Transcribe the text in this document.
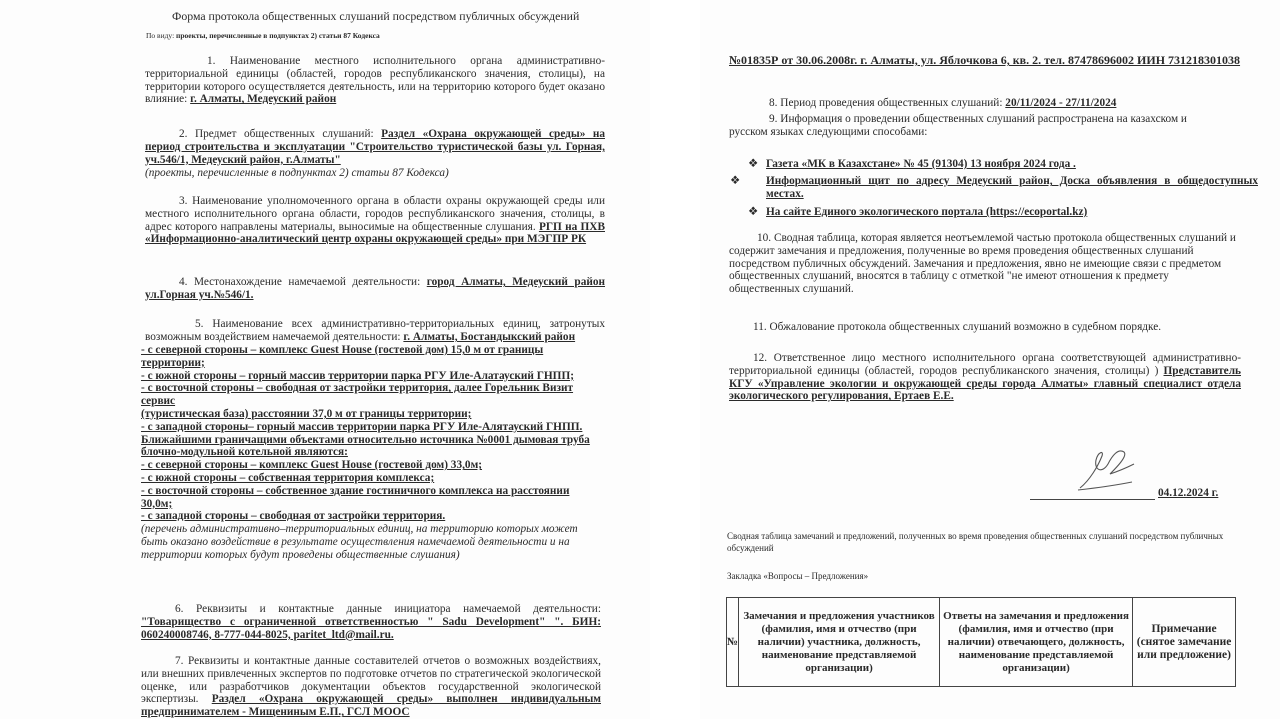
Форма протокола общественных слушаний посредством публичных обсуждений
По виду: проекты, перечисленные в подпунктах 2) статьи 87 Кодекса
1. Наименование местного исполнительного органа административно-территориальной единицы (областей, городов республиканского значения, столицы), на территории которого осуществляется деятельность, или на территорию которого будет оказано влияние: г. Алматы, Медеуский район
2. Предмет общественных слушаний: Раздел «Охрана окружающей среды» на период строительства и эксплуатации "Строительство туристической базы ул. Горная, уч.546/1, Медеуский район, г.Алматы"
(проекты, перечисленные в подпунктах 2) статьи 87 Кодекса)
3. Наименование уполномоченного органа в области охраны окружающей среды или местного исполнительного органа области, городов республиканского значения, столицы, в адрес которого направлены материалы, выносимые на общественные слушания. РГП на ПХВ «Информационно-аналитический центр охраны окружающей среды» при МЭГПР РК
4. Местонахождение намечаемой деятельности: город Алматы, Медеуский район ул.Горная уч.№546/1.
5. Наименование всех административно-территориальных единиц, затронутых возможным воздействием намечаемой деятельности: г. Алматы, Бостандыкский район

- с северной стороны – комплекс Guest House (гостевой дом) 15,0 м от границы территории;

- с южной стороны – горный массив территории парка РГУ Иле-Алатауский ГНПП;

- с восточной стороны – свободная от застройки территория, далее Горельник Визит сервис

(туристическая база) расстоянии 37,0 м от границы территории;

- с западной стороны– горный массив территории парка РГУ Иле-Алятауский ГНПП.

Ближайшими граничащими объектами относительно источника №0001 дымовая труба блочно-модульной котельной являются:

- с северной стороны – комплекс Guest House (гостевой дом) 33,0м;

- с южной стороны – собственная территория комплекса;

- с восточной стороны – собственное здание гостиничного комплекса на расстоянии 30,0м;

- с западной стороны – свободная от застройки территория.

(перечень административно–территориальных единиц, на территорию которых может быть оказано воздействие в результате осуществления намечаемой деятельности и на территории которых будут проведены общественные слушания)

6. Реквизиты и контактные данные инициатора намечаемой деятельности: "Товарищество с ограниченной ответственностью " Sadu Development" ". БИН: 060240008746, 8-777-044-8025, paritet_ltd@mail.ru.
7. Реквизиты и контактные данные составителей отчетов о возможных воздействиях, или внешних привлеченных экспертов по подготовке отчетов по стратегической экологической оценке, или разработчиков документации объектов государственной экологической экспертизы. Раздел «Охрана окружающей среды» выполнен индивидуальным предпринимателем - Мищениным Е.П., ГСЛ МООС
№01835Р от 30.06.2008г. г. Алматы, ул. Яблочкова 6, кв. 2. тел. 87478696002 ИИН 731218301038
8. Период проведения общественных слушаний: 20/11/2024 - 27/11/2024
9. Информация о проведении общественных слушаний распространена на казахском и русском языках следующими способами:
❖ Газета «МК в Казахстане» № 45 (91304) 13 ноября 2024 года .
❖ Информационный щит по адресу Медеуский район, Доска объявления в общедоступных местах.
❖ На сайте Единого экологического портала (https://ecoportal.kz)
10. Сводная таблица, которая является неотъемлемой частью протокола общественных слушаний и содержит замечания и предложения, полученные во время проведения общественных слушаний посредством публичных обсуждений. Замечания и предложения, явно не имеющие связи с предметом общественных слушаний, вносятся в таблицу с отметкой "не имеют отношения к предмету общественных слушаний.
11. Обжалование протокола общественных слушаний возможно в судебном порядке.
12. Ответственное лицо местного исполнительного органа соответствующей административно-территориальной единицы (областей, городов республиканского значения, столицы) ) Представитель КГУ «Управление экологии и окружающей среды города Алматы» главный специалист отдела экологического регулирования, Ертаев Е.Е.
04.12.2024 г.
Сводная таблица замечаний и предложений, полученных во время проведения общественных слушаний посредством публичных обсуждений
Закладка «Вопросы – Предложения»
№	Замечания и предложения участников (фамилия, имя и отчество (при наличии) участника, должность, наименование представляемой организации)	Ответы на замечания и предложения (фамилия, имя и отчество (при наличии) отвечающего, должность, наименование представляемой организации)	Примечание (снятое замечание или предложение)
